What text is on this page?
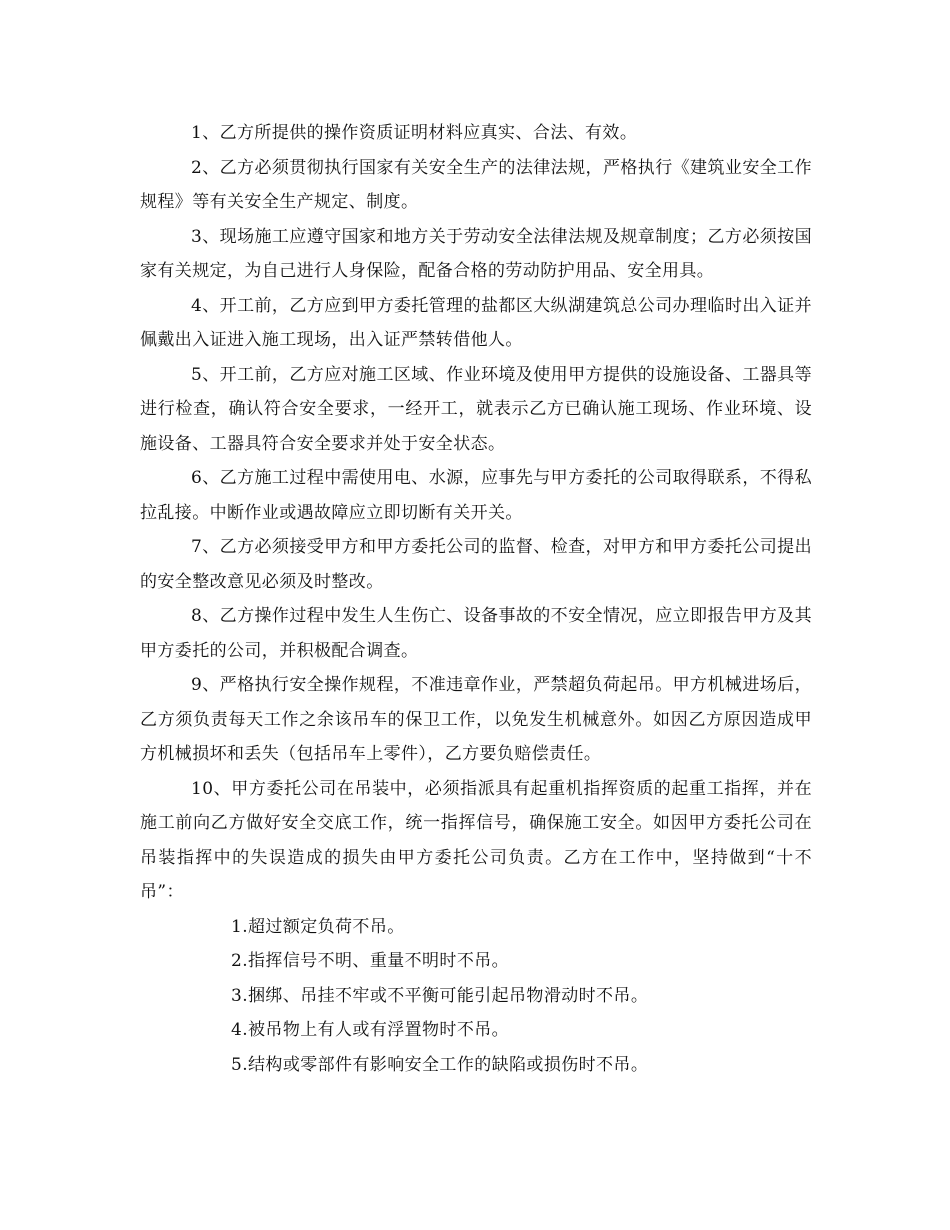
1、乙方所提供的操作资质证明材料应真实、合法、有效。

2、乙方必须贯彻执行国家有关安全生产的法律法规，严格执行《建筑业安全工作规程》等有关安全生产规定、制度。

3、现场施工应遵守国家和地方关于劳动安全法律法规及规章制度；乙方必须按国家有关规定，为自己进行人身保险，配备合格的劳动防护用品、安全用具。

4、开工前，乙方应到甲方委托管理的盐都区大纵湖建筑总公司办理临时出入证并佩戴出入证进入施工现场，出入证严禁转借他人。

5、开工前，乙方应对施工区域、作业环境及使用甲方提供的设施设备、工器具等进行检查，确认符合安全要求，一经开工，就表示乙方已确认施工现场、作业环境、设施设备、工器具符合安全要求并处于安全状态。

6、乙方施工过程中需使用电、水源，应事先与甲方委托的公司取得联系，不得私拉乱接。中断作业或遇故障应立即切断有关开关。

7、乙方必须接受甲方和甲方委托公司的监督、检查，对甲方和甲方委托公司提出的安全整改意见必须及时整改。

8、乙方操作过程中发生人生伤亡、设备事故的不安全情况，应立即报告甲方及其甲方委托的公司，并积极配合调查。

9、严格执行安全操作规程，不准违章作业，严禁超负荷起吊。甲方机械进场后，乙方须负责每天工作之余该吊车的保卫工作，以免发生机械意外。如因乙方原因造成甲方机械损坏和丢失（包括吊车上零件），乙方要负赔偿责任。

10、甲方委托公司在吊装中，必须指派具有起重机指挥资质的起重工指挥，并在施工前向乙方做好安全交底工作，统一指挥信号，确保施工安全。如因甲方委托公司在吊装指挥中的失误造成的损失由甲方委托公司负责。乙方在工作中，坚持做到“十不吊”：

1.超过额定负荷不吊。
2.指挥信号不明、重量不明时不吊。
3.捆绑、吊挂不牢或不平衡可能引起吊物滑动时不吊。
4.被吊物上有人或有浮置物时不吊。
5.结构或零部件有影响安全工作的缺陷或损伤时不吊。
